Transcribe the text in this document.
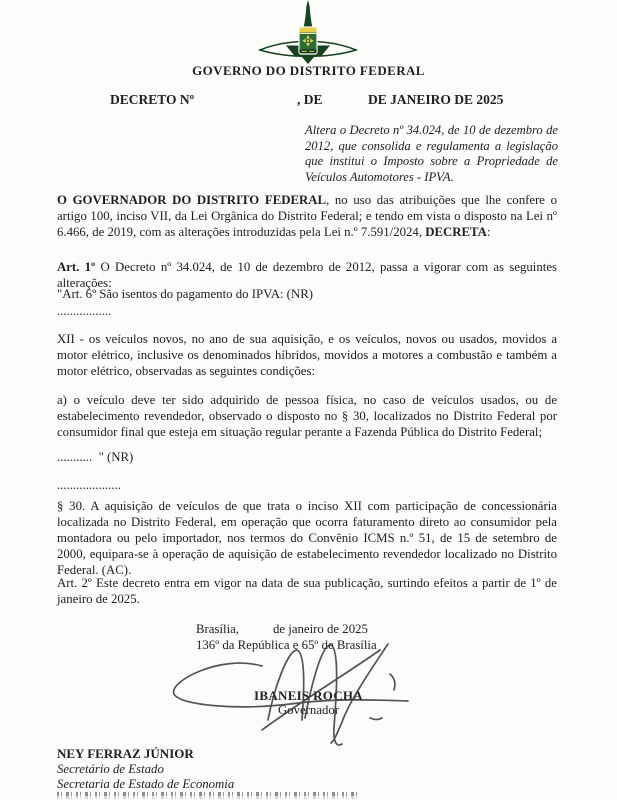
GOVERNO DO DISTRITO FEDERAL
DECRETO Nº	, DE	DE JANEIRO DE 2025
Altera o Decreto nº 34.024, de 10 de dezembro de 2012, que consolida e regulamenta a legislação que institui o Imposto sobre a Propriedade de Veículos Automotores - IPVA.
O GOVERNADOR DO DISTRITO FEDERAL, no uso das atribuições que lhe confere o artigo 100, inciso VII, da Lei Orgânica do Distrito Federal; e tendo em vista o disposto na Lei nº 6.466, de 2019, com as alterações introduzidas pela Lei n.º 7.591/2024, DECRETA:
Art. 1º O Decreto nº 34.024, de 10 de dezembro de 2012, passa a vigorar com as seguintes alterações:
"Art. 6º São isentos do pagamento do IPVA: (NR)
.................
XII - os veículos novos, no ano de sua aquisição, e os veículos, novos ou usados, movidos a motor elétrico, inclusive os denominados híbridos, movidos a motores a combustão e também a motor elétrico, observadas as seguintes condições:
a) o veículo deve ter sido adquirido de pessoa física, no caso de veículos usados, ou de estabelecimento revendedor, observado o disposto no § 30, localizados no Distrito Federal por consumidor final que esteja em situação regular perante a Fazenda Pública do Distrito Federal;
...........  " (NR)
....................
§ 30. A aquisição de veículos de que trata o inciso XII com participação de concessionária localizada no Distrito Federal, em operação que ocorra faturamento direto ao consumidor pela montadora ou pelo importador, nos termos do Convênio ICMS n.º 51, de 15 de setembro de 2000, equipara-se à operação de aquisição de estabelecimento revendedor localizado no Distrito Federal. (AC).
Art. 2º Este decreto entra em vigor na data de sua publicação, surtindo efeitos a partir de 1º de janeiro de 2025.
Brasília,	de janeiro de 2025
136º da República e 65º de Brasília
IBANEIS ROCHA
Governador
NEY FERRAZ JÚNIOR
Secretário de Estado
Secretaria de Estado de Economia
